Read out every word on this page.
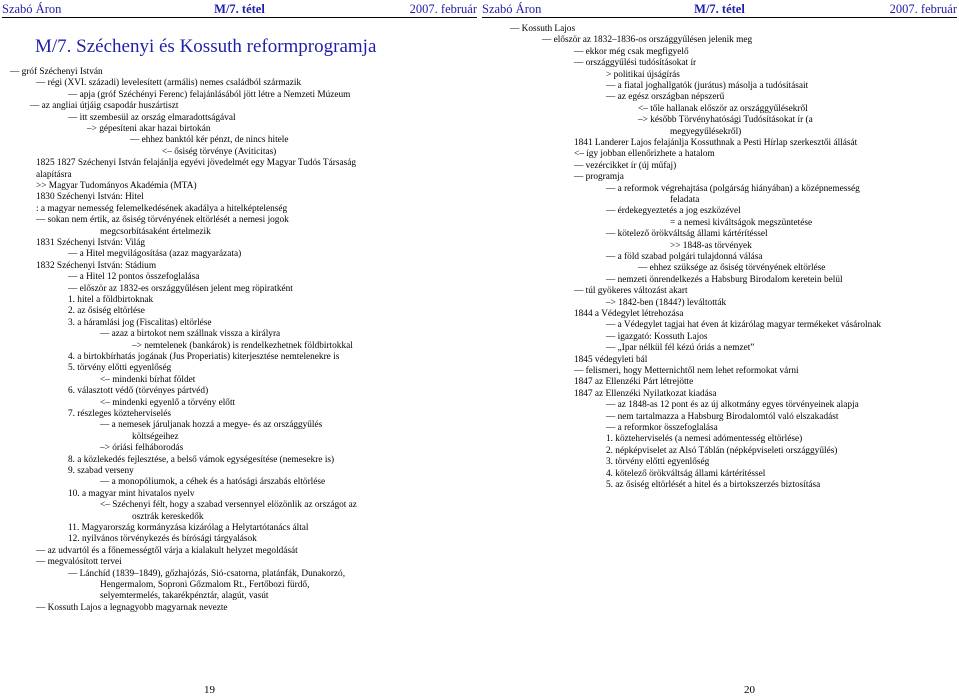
Szabó Áron	M/7. tétel	2007. február
M/7. Széchenyi és Kossuth reformprogramja
— gróf Széchenyi István
— régi (XVI. századi) levelesített (armális) nemes családból származik
— apja (gróf Széchényi Ferenc) felajánlásából jött létre a Nemzeti Múzeum
— az angliai útjáig csapodár huszártiszt
— itt szembesül az ország elmaradottságával
–> gépesíteni akar hazai birtokán
— ehhez banktól kér pénzt, de nincs hitele
<– ősiség törvénye (Aviticitas)
1825 1827 Széchenyi István felajánlja egyévi jövedelmét egy Magyar Tudós Társaság
alapításra
>> Magyar Tudományos Akadémia (MTA)
1830 Széchenyi István: Hitel
: a magyar nemesség felemelkedésének akadálya a hitelképtelenség
— sokan nem értik, az ősiség törvényének eltörlését a nemesi jogok
megcsorbításaként értelmezik
1831 Széchenyi István: Világ
— a Hitel megvilágosítása (azaz magyarázata)
1832 Széchenyi István: Stádium
— a Hitel 12 pontos összefoglalása
— először az 1832-es országgyűlésen jelent meg röpiratként
1. hitel a földbirtoknak
2. az ősiség eltörlése
3. a háramlási jog (Fiscalitas) eltörlése
— azaz a birtokot nem szállnak vissza a királyra
–> nemtelenek (bankárok) is rendelkezhetnek földbirtokkal
4. a birtokbírhatás jogának (Jus Properiatis) kiterjesztése nemtelenekre is
5. törvény előtti egyenlőség
<– mindenki bírhat földet
6. választott védő (törvényes pártvéd)
<– mindenki egyenlő a törvény előtt
7. részleges közteherviselés
— a nemesek járuljanak hozzá a megye- és az országgyűlés
költségeihez
–> óriási felháborodás
8. a közlekedés fejlesztése, a belső vámok egységesítése (nemesekre is)
9. szabad verseny
— a monopóliumok, a céhek és a hatósági árszabás eltörlése
10. a magyar mint hivatalos nyelv
<– Széchenyi félt, hogy a szabad versennyel elözönlik az országot az
osztrák kereskedők
11. Magyarország kormányzása kizárólag a Helytartótanács által
12. nyilvános törvénykezés és bírósági tárgyalások
— az udvartól és a főnemességtől várja a kialakult helyzet megoldását
— megvalósított tervei
— Lánchíd (1839–1849), gőzhajózás, Sió-csatorna, platánfák, Dunakorzó,
Hengermalom, Soproni Gőzmalom Rt., Fertőbozi fürdő,
selyemtermelés, takarékpénztár, alagút, vasút
— Kossuth Lajos a legnagyobb magyarnak nevezte
19
Szabó Áron	M/7. tétel	2007. február
— Kossuth Lajos
— először az 1832–1836-os országgyűlésen jelenik meg
— ekkor még csak megfigyelő
— országgyűlési tudósításokat ír
> politikai újságírás
— a fiatal joghallgatók (jurátus) másolja a tudósításait
— az egész országban népszerű
<– tőle hallanak először az országgyűlésekről
–> később Törvényhatósági Tudósításokat ír (a
megyegyűlésekről)
1841 Landerer Lajos felajánlja Kossuthnak a Pesti Hírlap szerkesztői állását
<– így jobban ellenőrizhete a hatalom
— vezércikket ír (új műfaj)
— programja
— a reformok végrehajtása (polgárság hiányában) a középnemesség
feladata
— érdekegyeztetés a jog eszközével
= a nemesi kiváltságok megszüntetése
— kötelező örökváltság állami kártérítéssel
>> 1848-as törvények
— a föld szabad polgári tulajdonná válása
— ehhez szüksége az ősiség törvényének eltörlése
— nemzeti önrendelkezés a Habsburg Birodalom keretein belül
— túl gyökeres változást akart
–> 1842-ben (1844?) leváltották
1844 a Védegylet létrehozása
— a Védegylet tagjai hat éven át kizárólag magyar termékeket vásárolnak
— igazgató: Kossuth Lajos
— „Ipar nélkül fél kézú óriás a nemzet”
1845 védegyleti bál
— felismeri, hogy Metternichtől nem lehet reformokat várni
1847 az Ellenzéki Párt létrejötte
1847 az Ellenzéki Nyilatkozat kiadása
— az 1848-as 12 pont és az új alkotmány egyes törvényeinek alapja
— nem tartalmazza a Habsburg Birodalomtól való elszakadást
— a reformkor összefoglalása
1. közteherviselés (a nemesi adómentesség eltörlése)
2. népképviselet az Alsó Táblán (népképviseleti országgyűlés)
3. törvény előtti egyenlőség
4. kötelező örökváltság állami kártérítéssel
5. az ősiség eltörlését a hitel és a birtokszerzés biztosítása
20
